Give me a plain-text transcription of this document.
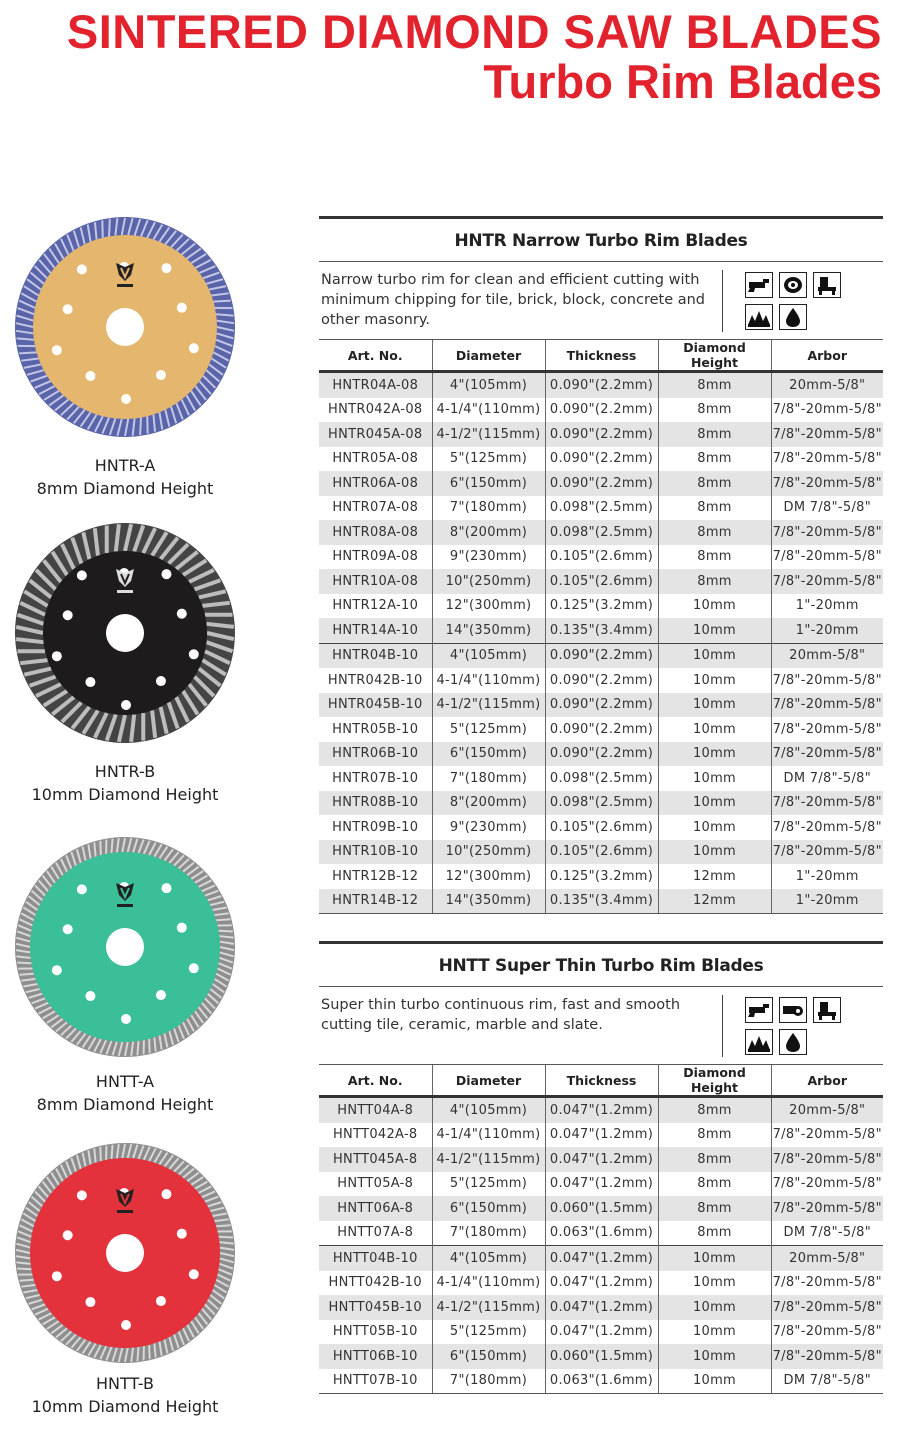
SINTERED DIAMOND SAW BLADES
Turbo Rim Blades
HNTR-A
8mm Diamond Height
HNTR-B
10mm Diamond Height
HNTT-A
8mm Diamond Height
HNTT-B
10mm Diamond Height
HNTR Narrow Turbo Rim Blades
Narrow turbo rim for clean and efficient cutting with minimum chipping for tile, brick, block, concrete and other masonry.
Art. No.	Diameter	Thickness	Diamond Height	Arbor
HNTR04A-08	4"(105mm)	0.090"(2.2mm)	8mm	20mm-5/8"
HNTR042A-08	4-1/4"(110mm)	0.090"(2.2mm)	8mm	7/8"-20mm-5/8"
HNTR045A-08	4-1/2"(115mm)	0.090"(2.2mm)	8mm	7/8"-20mm-5/8"
HNTR05A-08	5"(125mm)	0.090"(2.2mm)	8mm	7/8"-20mm-5/8"
HNTR06A-08	6"(150mm)	0.090"(2.2mm)	8mm	7/8"-20mm-5/8"
HNTR07A-08	7"(180mm)	0.098"(2.5mm)	8mm	DM 7/8"-5/8"
HNTR08A-08	8"(200mm)	0.098"(2.5mm)	8mm	7/8"-20mm-5/8"
HNTR09A-08	9"(230mm)	0.105"(2.6mm)	8mm	7/8"-20mm-5/8"
HNTR10A-08	10"(250mm)	0.105"(2.6mm)	8mm	7/8"-20mm-5/8"
HNTR12A-10	12"(300mm)	0.125"(3.2mm)	10mm	1"-20mm
HNTR14A-10	14"(350mm)	0.135"(3.4mm)	10mm	1"-20mm
HNTR04B-10	4"(105mm)	0.090"(2.2mm)	10mm	20mm-5/8"
HNTR042B-10	4-1/4"(110mm)	0.090"(2.2mm)	10mm	7/8"-20mm-5/8"
HNTR045B-10	4-1/2"(115mm)	0.090"(2.2mm)	10mm	7/8"-20mm-5/8"
HNTR05B-10	5"(125mm)	0.090"(2.2mm)	10mm	7/8"-20mm-5/8"
HNTR06B-10	6"(150mm)	0.090"(2.2mm)	10mm	7/8"-20mm-5/8"
HNTR07B-10	7"(180mm)	0.098"(2.5mm)	10mm	DM 7/8"-5/8"
HNTR08B-10	8"(200mm)	0.098"(2.5mm)	10mm	7/8"-20mm-5/8"
HNTR09B-10	9"(230mm)	0.105"(2.6mm)	10mm	7/8"-20mm-5/8"
HNTR10B-10	10"(250mm)	0.105"(2.6mm)	10mm	7/8"-20mm-5/8"
HNTR12B-12	12"(300mm)	0.125"(3.2mm)	12mm	1"-20mm
HNTR14B-12	14"(350mm)	0.135"(3.4mm)	12mm	1"-20mm
HNTT Super Thin Turbo Rim Blades
Super thin turbo continuous rim, fast and smooth cutting tile, ceramic, marble and slate.
Art. No.	Diameter	Thickness	Diamond Height	Arbor
HNTT04A-8	4"(105mm)	0.047"(1.2mm)	8mm	20mm-5/8"
HNTT042A-8	4-1/4"(110mm)	0.047"(1.2mm)	8mm	7/8"-20mm-5/8"
HNTT045A-8	4-1/2"(115mm)	0.047"(1.2mm)	8mm	7/8"-20mm-5/8"
HNTT05A-8	5"(125mm)	0.047"(1.2mm)	8mm	7/8"-20mm-5/8"
HNTT06A-8	6"(150mm)	0.060"(1.5mm)	8mm	7/8"-20mm-5/8"
HNTT07A-8	7"(180mm)	0.063"(1.6mm)	8mm	DM 7/8"-5/8"
HNTT04B-10	4"(105mm)	0.047"(1.2mm)	10mm	20mm-5/8"
HNTT042B-10	4-1/4"(110mm)	0.047"(1.2mm)	10mm	7/8"-20mm-5/8"
HNTT045B-10	4-1/2"(115mm)	0.047"(1.2mm)	10mm	7/8"-20mm-5/8"
HNTT05B-10	5"(125mm)	0.047"(1.2mm)	10mm	7/8"-20mm-5/8"
HNTT06B-10	6"(150mm)	0.060"(1.5mm)	10mm	7/8"-20mm-5/8"
HNTT07B-10	7"(180mm)	0.063"(1.6mm)	10mm	DM 7/8"-5/8"
